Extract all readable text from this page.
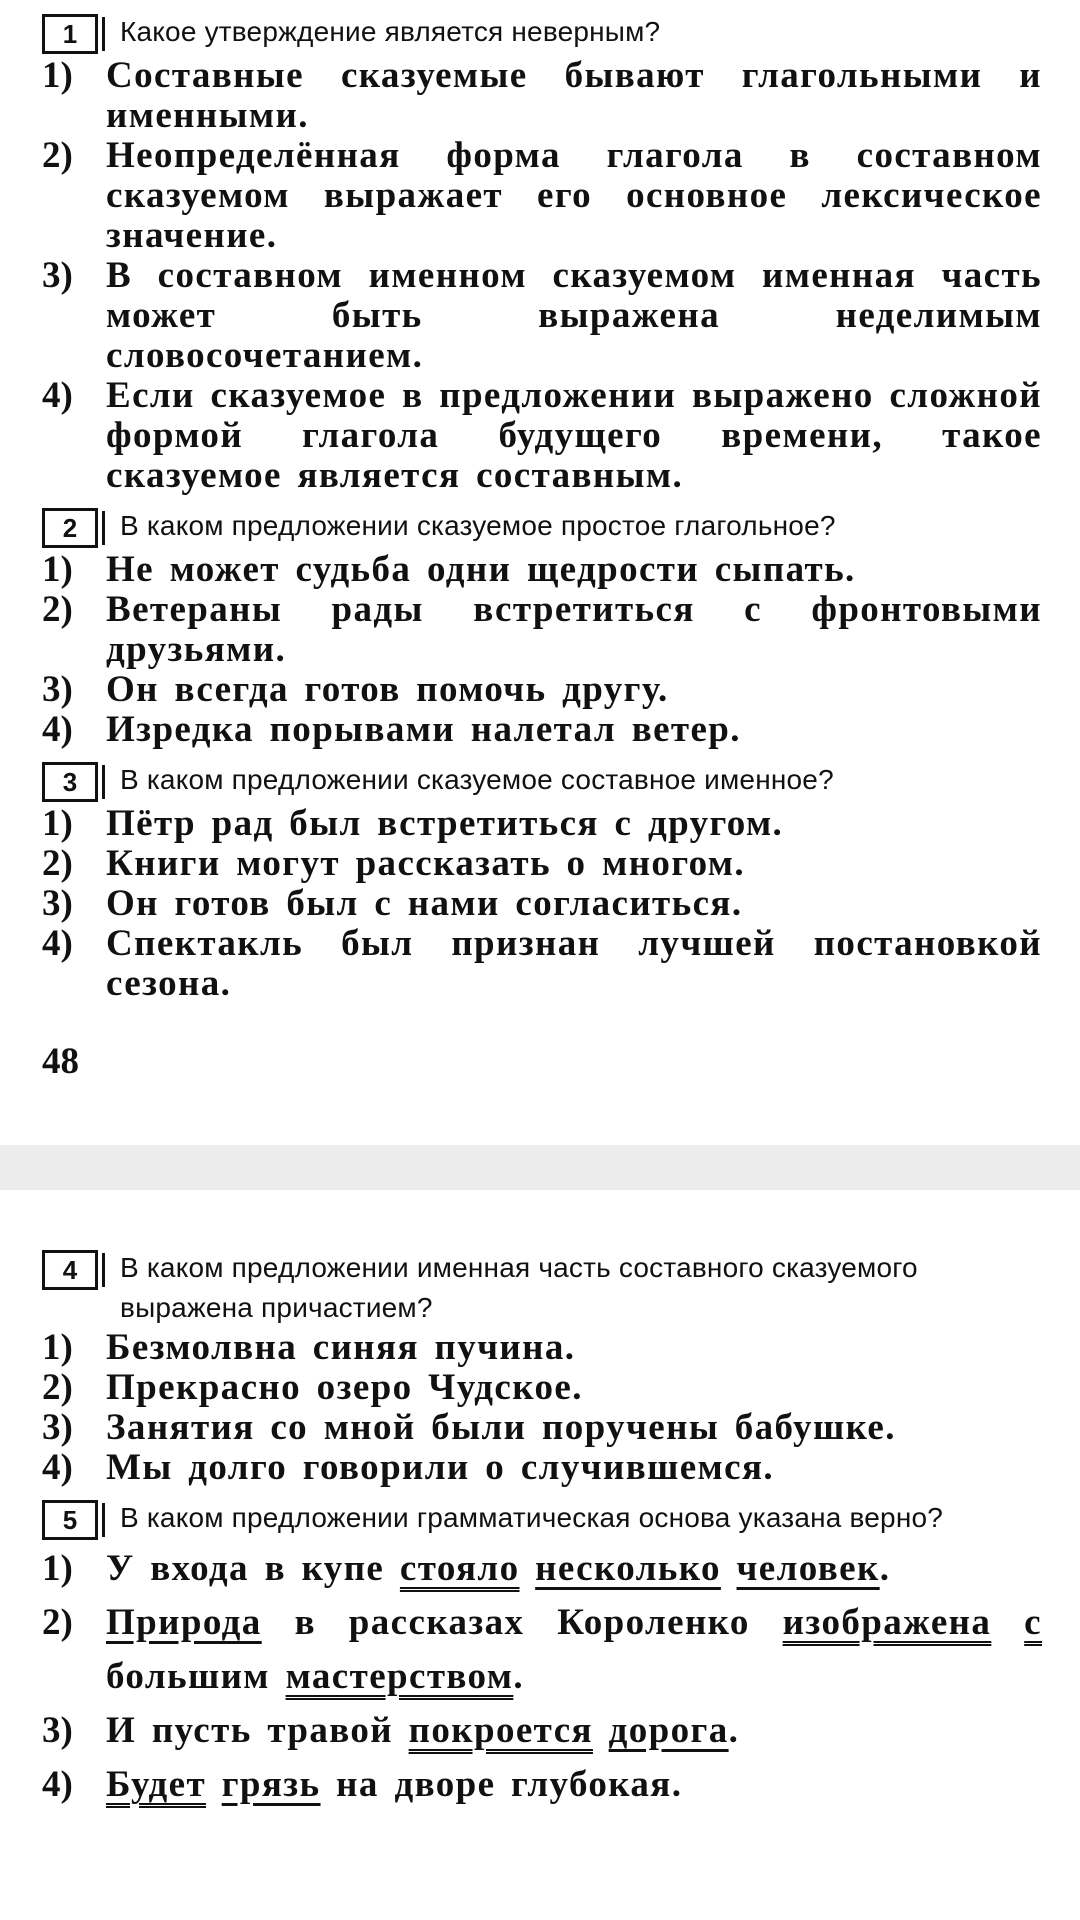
1	Какое утверждение является неверным?
1) Составные сказуемые бывают глагольными и именными.
2) Неопределённая форма глагола в составном сказуемом выражает его основное лексическое значение.
3) В составном именном сказуемом именная часть может быть выражена неделимым словосочетанием.
4) Если сказуемое в предложении выражено сложной формой глагола будущего времени, такое сказуемое является составным.
2	В каком предложении сказуемое простое глагольное?
1) Не может судьба одни щедрости сыпать.
2) Ветераны рады встретиться с фронтовыми друзьями.
3) Он всегда готов помочь другу.
4) Изредка порывами налетал ветер.
3	В каком предложении сказуемое составное именное?
1) Пётр рад был встретиться с другом.
2) Книги могут рассказать о многом.
3) Он готов был с нами согласиться.
4) Спектакль был признан лучшей постановкой сезона.
48
4	В каком предложении именная часть составного сказуемого выражена причастием?
1) Безмолвна синяя пучина.
2) Прекрасно озеро Чудское.
3) Занятия со мной были поручены бабушке.
4) Мы долго говорили о случившемся.
5	В каком предложении грамматическая основа указана верно?
1) У входа в купе стояло несколько человек.
2) Природа в рассказах Короленко изображена с большим мастерством.
3) И пусть травой покроется дорога.
4) Будет грязь на дворе глубокая.
